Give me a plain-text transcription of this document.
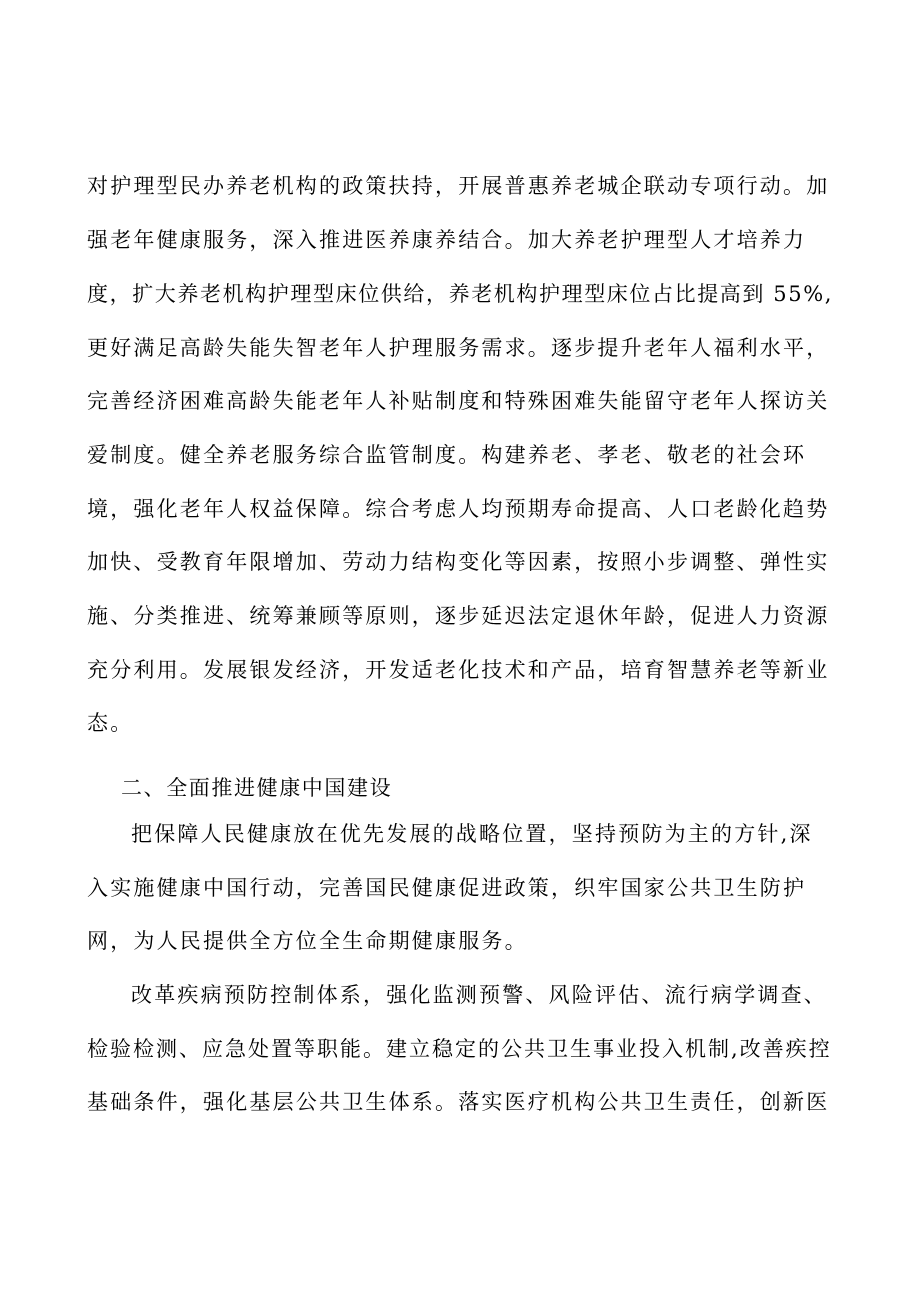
对护理型民办养老机构的政策扶持，开展普惠养老城企联动专项行动。加
强老年健康服务，深入推进医养康养结合。加大养老护理型人才培养力
度，扩大养老机构护理型床位供给，养老机构护理型床位占比提高到 55%,
更好满足高龄失能失智老年人护理服务需求。逐步提升老年人福利水平，
完善经济困难高龄失能老年人补贴制度和特殊困难失能留守老年人探访关
爱制度。健全养老服务综合监管制度。构建养老、孝老、敬老的社会环
境，强化老年人权益保障。综合考虑人均预期寿命提高、人口老龄化趋势
加快、受教育年限增加、劳动力结构变化等因素，按照小步调整、弹性实
施、分类推进、统筹兼顾等原则，逐步延迟法定退休年龄，促进人力资源
充分利用。发展银发经济，开发适老化技术和产品，培育智慧养老等新业
态。
二、全面推进健康中国建设
把保障人民健康放在优先发展的战略位置，坚持预防为主的方针,深
入实施健康中国行动，完善国民健康促进政策，织牢国家公共卫生防护
网，为人民提供全方位全生命期健康服务。
改革疾病预防控制体系，强化监测预警、风险评估、流行病学调查、
检验检测、应急处置等职能。建立稳定的公共卫生事业投入机制,改善疾控
基础条件，强化基层公共卫生体系。落实医疗机构公共卫生责任，创新医
